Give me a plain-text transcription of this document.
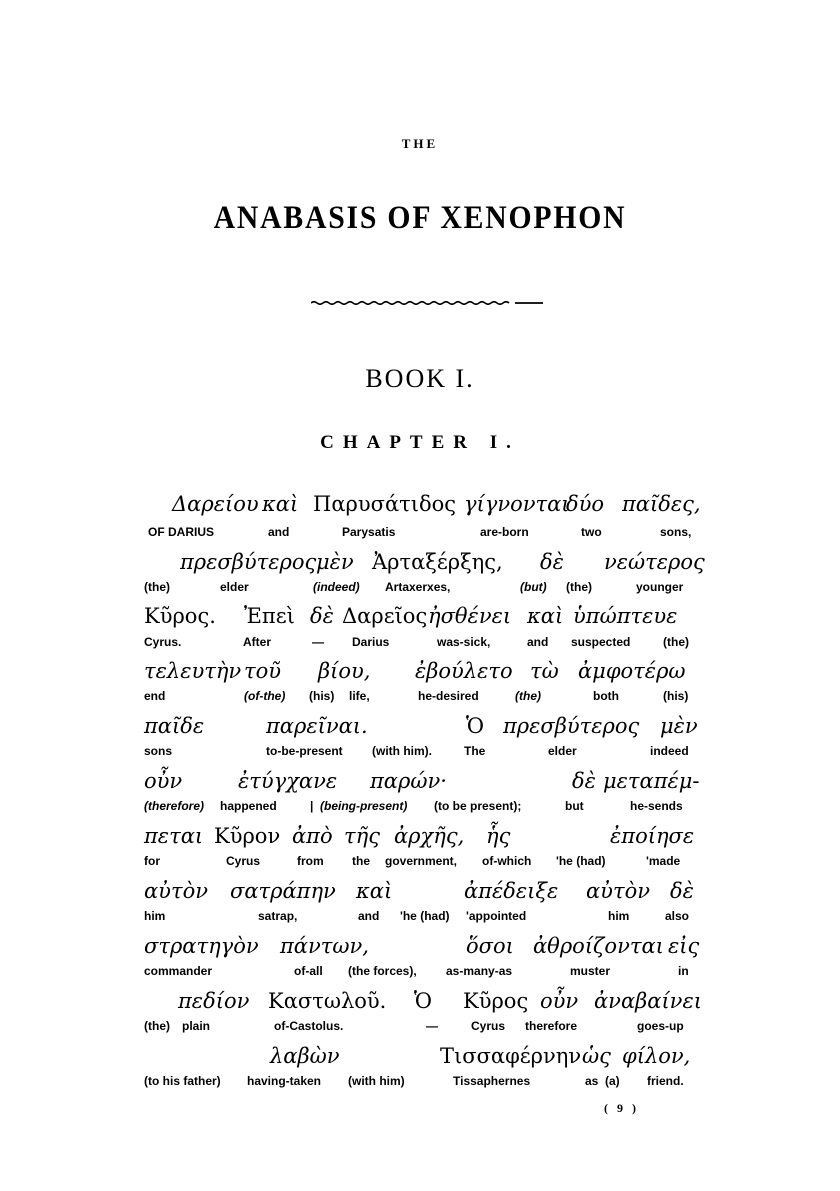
THE
ANABASIS OF XENOPHON
BOOK I.
CHAPTER I.
Δαρείου καὶ Παρυσάτιδος γίγνονται
δύο παῖδες,
OF DARIUS	and	Parysatis	are-born	two	sons,
πρεσβύτερος μὲν Ἀρταξέρξης, δὲ νεώτερος
(the)	elder	(indeed) Artaxerxes,	(but) (the)	younger
Κῦρος. Ἐπεὶ δὲ Δαρεῖος ἠσθένει καὶ ὑπώπτευε
Cyrus.	After	— Darius	was-sick,	and suspected	(the)
τελευτὴν τοῦ βίου, ἐβούλετο τὼ ἀμφοτέρω
end	(of-the) (his) life,	he-desired	(the)	both	(his)
παῖδε	παρεῖναι.	Ὁ πρεσβύτερος μὲν
sons	to-be-present (with him).	The	elder	indeed
οὖν	ἐτύγχανε παρών·	δὲ μεταπέμ-
(therefore) happened	| (being-present) (to be present);	but	he-sends
πεται Κῦρον ἀπὸ τῆς ἀρχῆς, ἧς	ἐποίησε
for	Cyrus	from the government, of-which 'he (had)	'made
αὐτὸν σατράπην καὶ	ἀπέδειξε αὐτὸν δὲ
him	satrap,	and 'he (had) 'appointed	him	also
στρατηγὸν πάντων,	ὅσοι ἀθροίζονται εἰς
commander	of-all (the forces), as-many-as	muster	in
πεδίον Καστωλοῦ. Ὁ Κῦρος οὖν ἀναβαίνει
(the) plain	of-Castolus.	—	Cyrus therefore	goes-up
λαβὼν	Τισσαφέρνην ὡς φίλον,
(to his father) having-taken (with him)	Tissaphernes	as (a) friend.
( 9 )
